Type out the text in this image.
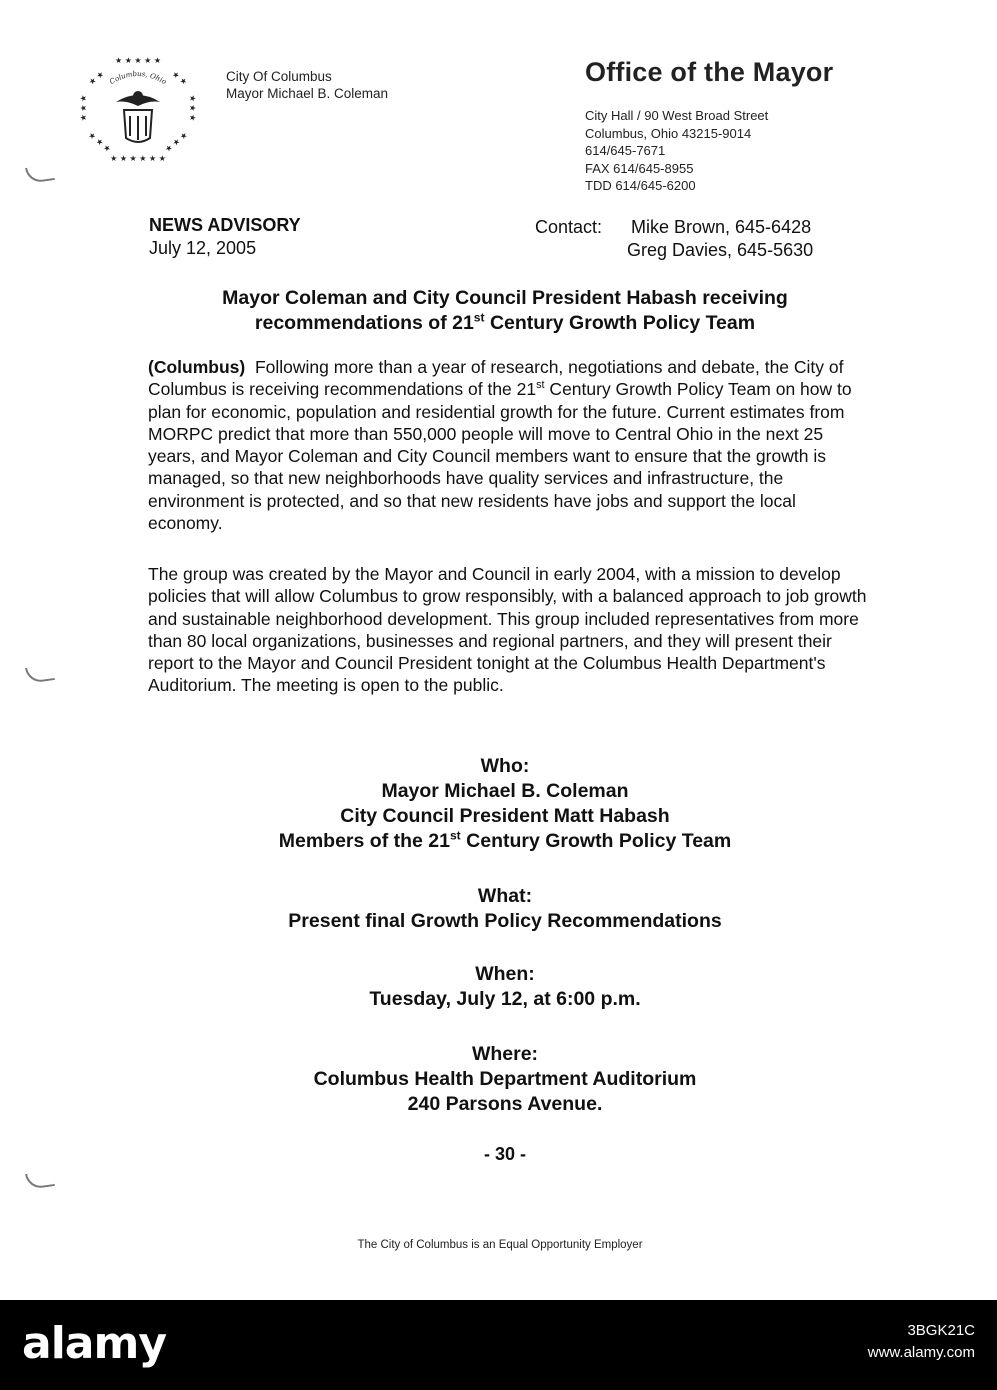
★ ★ ★ ★ ★
★ ★	★ ★
★ ★ ★	★ ★ ★
★ ★ ★	★ ★ ★
★ ★ ★ ★ ★ ★
Columbus, Ohio	City Of Columbus
Mayor Michael B. Coleman
Office of the Mayor
City Hall / 90 West Broad Street
Columbus, Ohio 43215-9014
614/645-7671
FAX 614/645-8955
TDD 614/645-6200
NEWS ADVISORY
July 12, 2005
Contact: Mike Brown, 645-6428
Greg Davies, 645-5630
Mayor Coleman and City Council President Habash receiving
recommendations of 21st Century Growth Policy Team
(Columbus) Following more than a year of research, negotiations and debate, the City of Columbus is receiving recommendations of the 21st Century Growth Policy Team on how to plan for economic, population and residential growth for the future. Current estimates from MORPC predict that more than 550,000 people will move to Central Ohio in the next 25 years, and Mayor Coleman and City Council members want to ensure that the growth is managed, so that new neighborhoods have quality services and infrastructure, the environment is protected, and so that new residents have jobs and support the local economy.
The group was created by the Mayor and Council in early 2004, with a mission to develop policies that will allow Columbus to grow responsibly, with a balanced approach to job growth and sustainable neighborhood development. This group included representatives from more than 80 local organizations, businesses and regional partners, and they will present their report to the Mayor and Council President tonight at the Columbus Health Department's Auditorium. The meeting is open to the public.
Who:
Mayor Michael B. Coleman
City Council President Matt Habash
Members of the 21st Century Growth Policy Team
What:
Present final Growth Policy Recommendations
When:
Tuesday, July 12, at 6:00 p.m.
Where:
Columbus Health Department Auditorium
240 Parsons Avenue.
- 30 -
The City of Columbus is an Equal Opportunity Employer
alamy	3BGK21C
www.alamy.com
